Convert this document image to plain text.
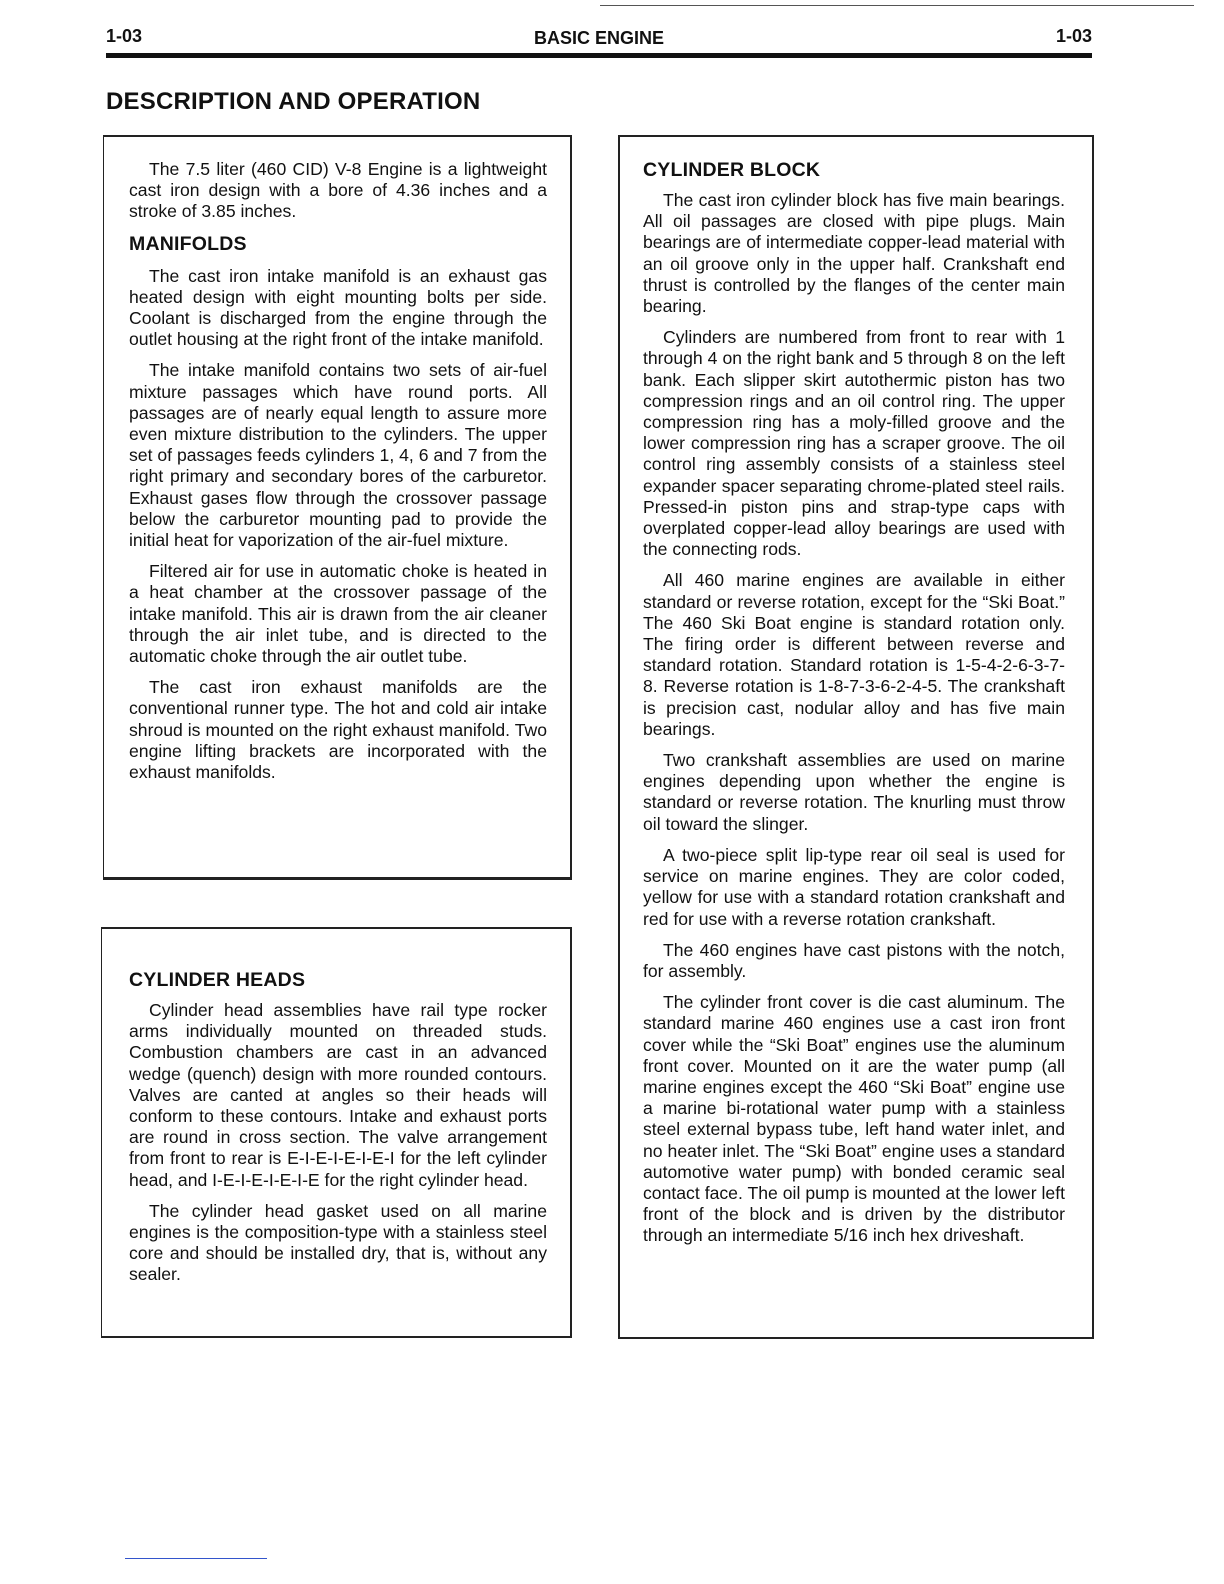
1-03	BASIC ENGINE	1-03
DESCRIPTION AND OPERATION

The 7.5 liter (460 CID) V-8 Engine is a lightweight cast iron design with a bore of 4.36 inches and a stroke of 3.85 inches.

MANIFOLDS

The cast iron intake manifold is an exhaust gas heated design with eight mounting bolts per side. Coolant is discharged from the engine through the outlet housing at the right front of the intake manifold.

The intake manifold contains two sets of air-fuel mixture passages which have round ports. All passages are of nearly equal length to assure more even mixture distribution to the cylinders. The upper set of passages feeds cylinders 1, 4, 6 and 7 from the right primary and secondary bores of the carburetor. Exhaust gases flow through the crossover passage below the carburetor mounting pad to provide the initial heat for vaporization of the air-fuel mixture.

Filtered air for use in automatic choke is heated in a heat chamber at the crossover passage of the intake manifold. This air is drawn from the air cleaner through the air inlet tube, and is directed to the automatic choke through the air outlet tube.

The cast iron exhaust manifolds are the conventional runner type. The hot and cold air intake shroud is mounted on the right exhaust manifold. Two engine lifting brackets are incorporated with the exhaust manifolds.

CYLINDER HEADS

Cylinder head assemblies have rail type rocker arms individually mounted on threaded studs. Combustion chambers are cast in an advanced wedge (quench) design with more rounded contours. Valves are canted at angles so their heads will conform to these contours. Intake and exhaust ports are round in cross section. The valve arrangement from front to rear is E-I-E-I-E-I-E-I for the left cylinder head, and I-E-I-E-I-E-I-E for the right cylinder head.

The cylinder head gasket used on all marine engines is the composition-type with a stainless steel core and should be installed dry, that is, without any sealer.

CYLINDER BLOCK

The cast iron cylinder block has five main bearings. All oil passages are closed with pipe plugs. Main bearings are of intermediate copper-lead material with an oil groove only in the upper half. Crankshaft end thrust is controlled by the flanges of the center main bearing.

Cylinders are numbered from front to rear with 1 through 4 on the right bank and 5 through 8 on the left bank. Each slipper skirt autothermic piston has two compression rings and an oil control ring. The upper compression ring has a moly-filled groove and the lower compression ring has a scraper groove. The oil control ring assembly consists of a stainless steel expander spacer separating chrome-plated steel rails. Pressed-in piston pins and strap-type caps with overplated copper-lead alloy bearings are used with the connecting rods.

All 460 marine engines are available in either standard or reverse rotation, except for the “Ski Boat.” The 460 Ski Boat engine is standard rotation only. The firing order is different between reverse and standard rotation. Standard rotation is 1-5-4-2-6-3-7-8. Reverse rotation is 1-8-7-3-6-2-4-5. The crankshaft is precision cast, nodular alloy and has five main bearings.

Two crankshaft assemblies are used on marine engines depending upon whether the engine is standard or reverse rotation. The knurling must throw oil toward the slinger.

A two-piece split lip-type rear oil seal is used for service on marine engines. They are color coded, yellow for use with a standard rotation crankshaft and red for use with a reverse rotation crankshaft.

The 460 engines have cast pistons with the notch, for assembly.

The cylinder front cover is die cast aluminum. The standard marine 460 engines use a cast iron front cover while the “Ski Boat” engines use the aluminum front cover. Mounted on it are the water pump (all marine engines except the 460 “Ski Boat” engine use a marine bi-rotational water pump with a stainless steel external bypass tube, left hand water inlet, and no heater inlet. The “Ski Boat” engine uses a standard automotive water pump) with bonded ceramic seal contact face. The oil pump is mounted at the lower left front of the block and is driven by the distributor through an intermediate 5/16 inch hex driveshaft.
